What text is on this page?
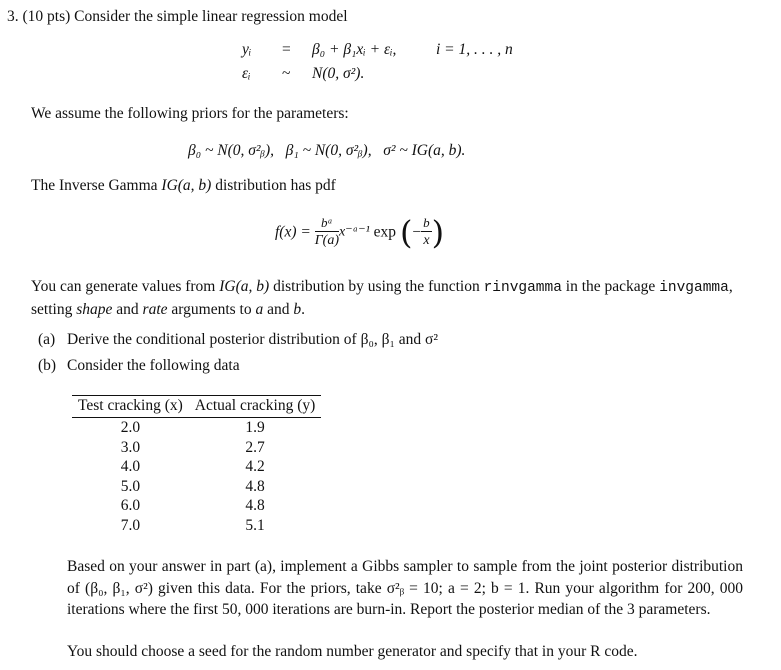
3. (10 pts) Consider the simple linear regression model
yᵢ = β₀ + β₁xᵢ + εᵢ,	i = 1, . . . , n
εᵢ ~ N(0, σ²).
We assume the following priors for the parameters:
β₀ ~ N(0, σ²ᵦ),   β₁ ~ N(0, σ²ᵦ),   σ² ~ IG(a, b).
The Inverse Gamma IG(a, b) distribution has pdf
$f(x) = \frac{\text{bᵃ}}{\Gamma(a)}$ x⁻ᵃ⁻¹ exp (− $\frac{b}{x}$ )
You can generate values from IG(a, b) distribution by using the function rinvgamma in the package invgamma, setting shape and rate arguments to a and b.
(a) Derive the conditional posterior distribution of β₀, β₁ and σ²
(b) Consider the following data
Test cracking (x)	Actual cracking (y)
2.0	1.9
3.0	2.7
4.0	4.2
5.0	4.8
6.0	4.8
7.0	5.1
Based on your answer in part (a), implement a Gibbs sampler to sample from the joint posterior distribution of (β₀, β₁, σ²) given this data. For the priors, take σ²ᵦ = 10; a = 2; b = 1. Run your algorithm for 200, 000 iterations where the first 50, 000 iterations are burn-in. Report the posterior median of the 3 parameters.
You should choose a seed for the random number generator and specify that in your R code.
